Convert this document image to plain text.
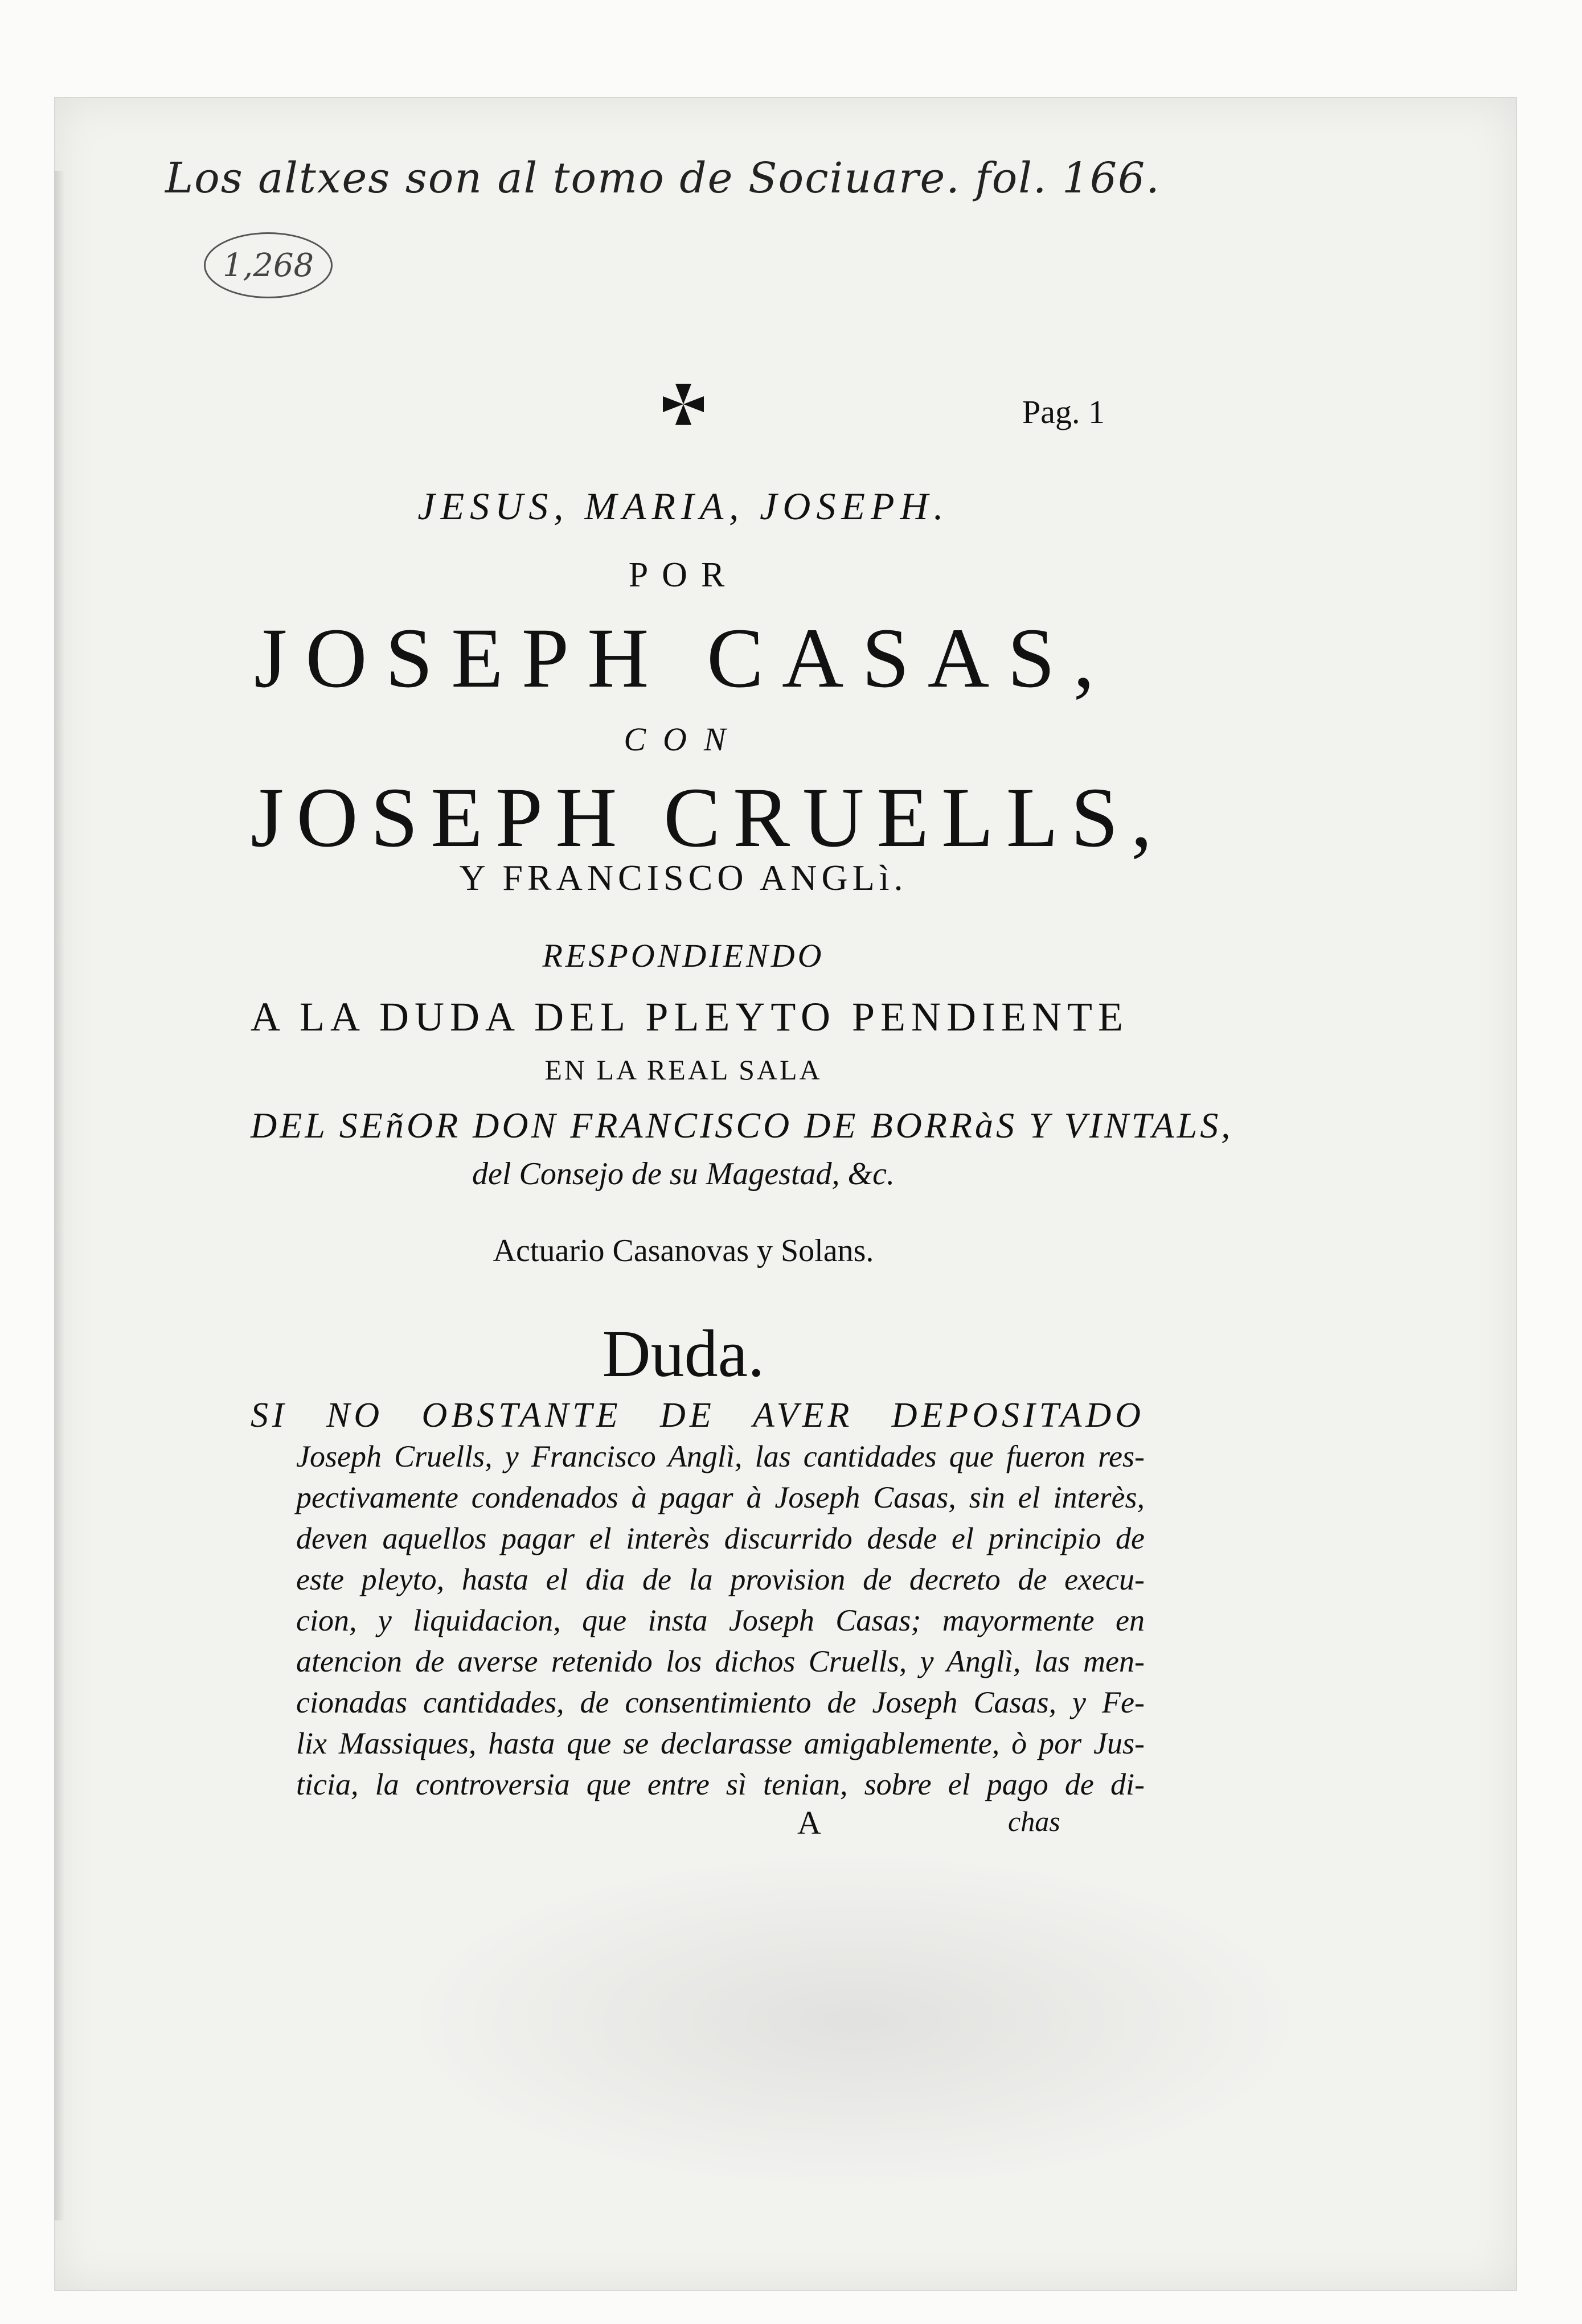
Los altxes son al tomo de Sociuare. fol. 166.
1,268
Pag. 1
JESUS, MARIA, JOSEPH.
POR
JOSEPH CASAS,
CON
JOSEPH CRUELLS,
Y FRANCISCO ANGLì.
RESPONDIENDO
A LA DUDA DEL PLEYTO PENDIENTE
EN LA REAL SALA
DEL SEñOR DON FRANCISCO DE BORRàS Y VINTALS,
del Consejo de su Magestad, &c.
Actuario Casanovas y Solans.
Duda.
SI NO OBSTANTE DE AVER DEPOSITADO
Joseph Cruells, y Francisco Anglì, las cantidades que fueron res-
pectivamente condenados à pagar à Joseph Casas, sin el interès,
deven aquellos pagar el interès discurrido desde el principio de
este pleyto, hasta el dia de la provision de decreto de execu-
cion, y liquidacion, que insta Joseph Casas; mayormente en
atencion de averse retenido los dichos Cruells, y Anglì, las men-
cionadas cantidades, de consentimiento de Joseph Casas, y Fe-
lix Massiques, hasta que se declarasse amigablemente, ò por Jus-
ticia, la controversia que entre sì tenian, sobre el pago de di-
A	chas
